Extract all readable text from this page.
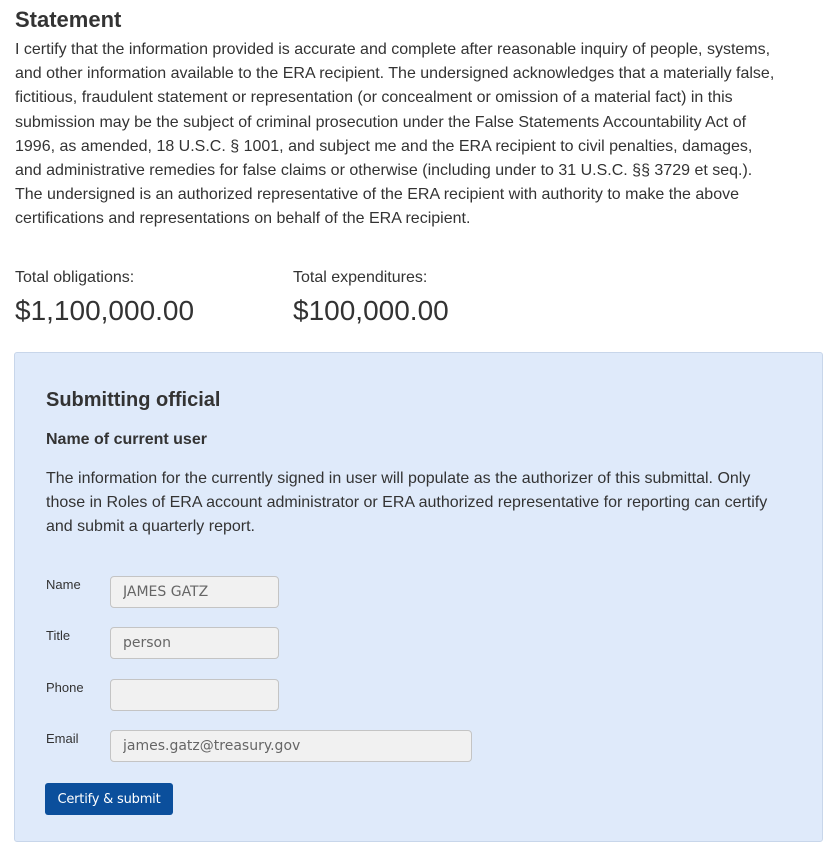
Statement

I certify that the information provided is accurate and complete after reasonable inquiry of people, systems, and other information available to the ERA recipient. The undersigned acknowledges that a materially false, fictitious, fraudulent statement or representation (or concealment or omission of a material fact) in this submission may be the subject of criminal prosecution under the False Statements Accountability Act of 1996, as amended, 18 U.S.C. § 1001, and subject me and the ERA recipient to civil penalties, damages, and administrative remedies for false claims or otherwise (including under to 31 U.S.C. §§ 3729 et seq.). The undersigned is an authorized representative of the ERA recipient with authority to make the above certifications and representations on behalf of the ERA recipient.

Total obligations:
$1,100,000.00
Total expenditures:
$100,000.00
Submitting official
Name of current user

The information for the currently signed in user will populate as the authorizer of this submittal. Only those in Roles of ERA account administrator or ERA authorized representative for reporting can certify and submit a quarterly report.

Name
JAMES GATZ
Title
person
Phone
Email
james.gatz@treasury.gov
Certify & submit
